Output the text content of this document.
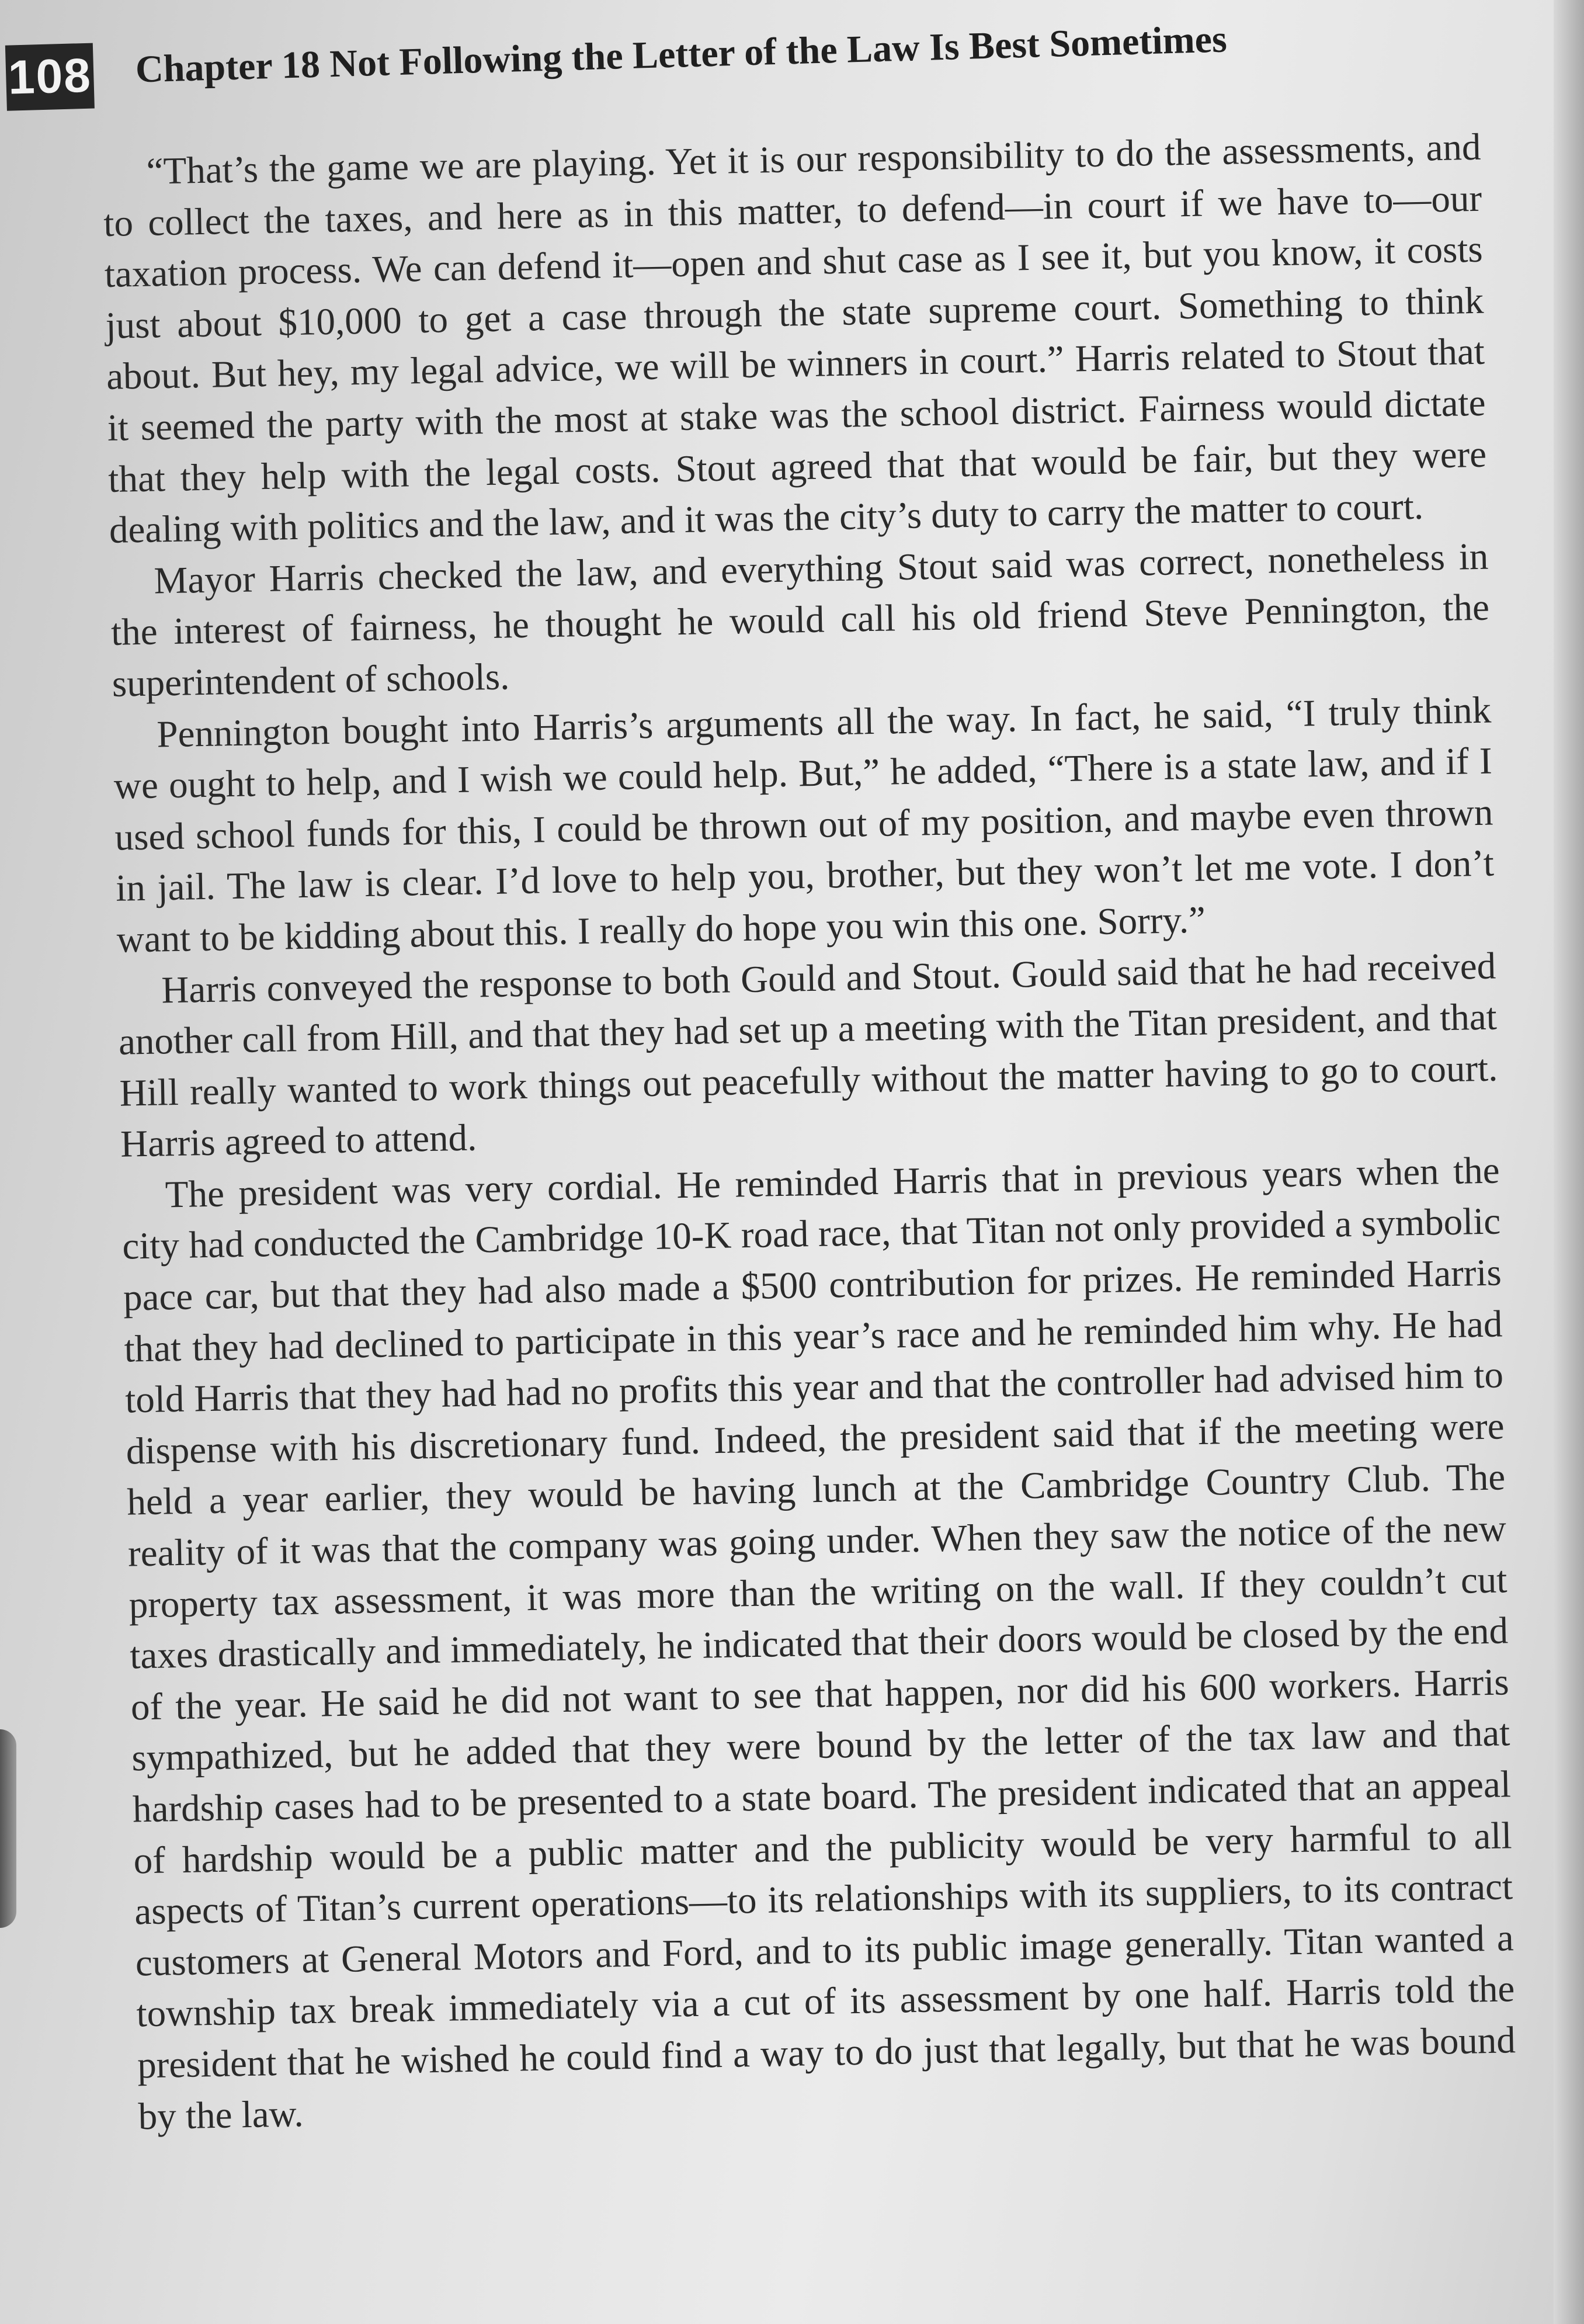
108 Chapter 18 Not Following the Letter of the Law Is Best Sometimes

“That’s the game we are playing. Yet it is our responsibility to do the assessments, and to collect the taxes, and here as in this matter, to defend—in court if we have to—our taxation process. We can defend it—open and shut case as I see it, but you know, it costs just about $10,000 to get a case through the state supreme court. Something to think about. But hey, my legal advice, we will be winners in court.” Harris related to Stout that it seemed the party with the most at stake was the school district. Fairness would dictate that they help with the legal costs. Stout agreed that that would be fair, but they were dealing with politics and the law, and it was the city’s duty to carry the matter to court.

Mayor Harris checked the law, and everything Stout said was correct, nonetheless in the interest of fairness, he thought he would call his old friend Steve Pennington, the superintendent of schools.

Pennington bought into Harris’s arguments all the way. In fact, he said, “I truly think we ought to help, and I wish we could help. But,” he added, “There is a state law, and if I used school funds for this, I could be thrown out of my position, and maybe even thrown in jail. The law is clear. I’d love to help you, brother, but they won’t let me vote. I don’t want to be kidding about this. I really do hope you win this one. Sorry.”

Harris conveyed the response to both Gould and Stout. Gould said that he had received another call from Hill, and that they had set up a meeting with the Titan president, and that Hill really wanted to work things out peacefully without the matter having to go to court. Harris agreed to attend.

The president was very cordial. He reminded Harris that in previous years when the city had conducted the Cambridge 10-K road race, that Titan not only provided a symbolic pace car, but that they had also made a $500 contribution for prizes. He reminded Harris that they had declined to participate in this year’s race and he reminded him why. He had told Harris that they had had no profits this year and that the controller had advised him to dispense with his discretionary fund. Indeed, the president said that if the meeting were held a year earlier, they would be having lunch at the Cambridge Country Club. The reality of it was that the company was going under. When they saw the notice of the new property tax assessment, it was more than the writing on the wall. If they couldn’t cut taxes drastically and immediately, he indicated that their doors would be closed by the end of the year. He said he did not want to see that happen, nor did his 600 workers. Harris sympathized, but he added that they were bound by the letter of the tax law and that hardship cases had to be presented to a state board. The president indicated that an appeal of hardship would be a public matter and the publicity would be very harmful to all aspects of Titan’s current operations—to its relationships with its suppliers, to its contract customers at General Motors and Ford, and to its public image generally. Titan wanted a township tax break immediately via a cut of its assessment by one half. Harris told the president that he wished he could find a way to do just that legally, but that he was bound by the law.
